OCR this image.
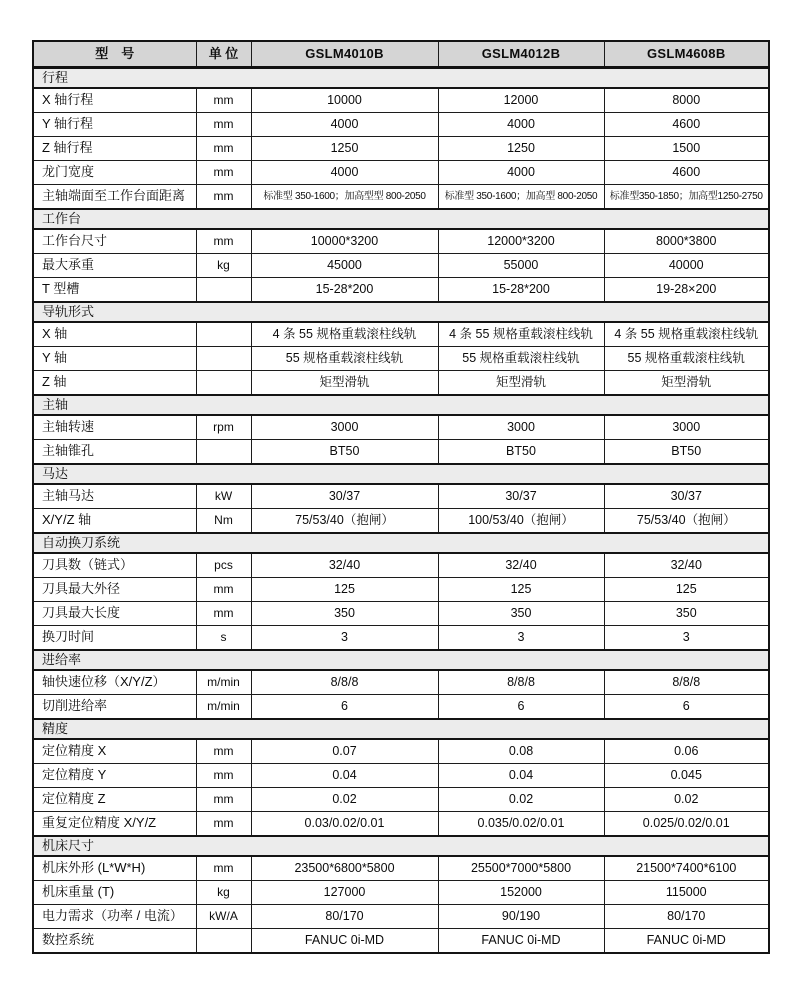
型　号	单 位	GSLM4010B	GSLM4012B	GSLM4608B
行程				
X 轴行程	mm	10000	12000	8000
Y 轴行程	mm	4000	4000	4600
Z 轴行程	mm	1250	1250	1500
龙门宽度	mm	4000	4000	4600
主轴端面至工作台面距离	mm	标准型 350-1600；加高型型 800-2050	标准型 350-1600；加高型 800-2050	标准型350-1850；加高型1250-2750
工作台				
工作台尺寸	mm	10000*3200	12000*3200	8000*3800
最大承重	kg	45000	55000	40000
T 型槽		15-28*200	15-28*200	19-28×200
导轨形式				
X 轴		4 条 55 规格重载滚柱线轨	4 条 55 规格重载滚柱线轨	4 条 55 规格重载滚柱线轨
Y 轴		55 规格重载滚柱线轨	55 规格重载滚柱线轨	55 规格重载滚柱线轨
Z 轴		矩型滑轨	矩型滑轨	矩型滑轨
主轴				
主轴转速	rpm	3000	3000	3000
主轴锥孔		BT50	BT50	BT50
马达				
主轴马达	kW	30/37	30/37	30/37
X/Y/Z 轴	Nm	75/53/40（抱闸）	100/53/40（抱闸）	75/53/40（抱闸）
自动换刀系统				
刀具数（链式）	pcs	32/40	32/40	32/40
刀具最大外径	mm	125	125	125
刀具最大长度	mm	350	350	350
换刀时间	s	3	3	3
进给率				
轴快速位移（X/Y/Z）	m/min	8/8/8	8/8/8	8/8/8
切削进给率	m/min	6	6	6
精度				
定位精度 X	mm	0.07	0.08	0.06
定位精度 Y	mm	0.04	0.04	0.045
定位精度 Z	mm	0.02	0.02	0.02
重复定位精度 X/Y/Z	mm	0.03/0.02/0.01	0.035/0.02/0.01	0.025/0.02/0.01
机床尺寸				
机床外形 (L*W*H)	mm	23500*6800*5800	25500*7000*5800	21500*7400*6100
机床重量 (T)	kg	127000	152000	115000
电力需求（功率 / 电流）	kW/A	80/170	90/190	80/170
数控系统		FANUC 0i-MD	FANUC 0i-MD	FANUC 0i-MD
